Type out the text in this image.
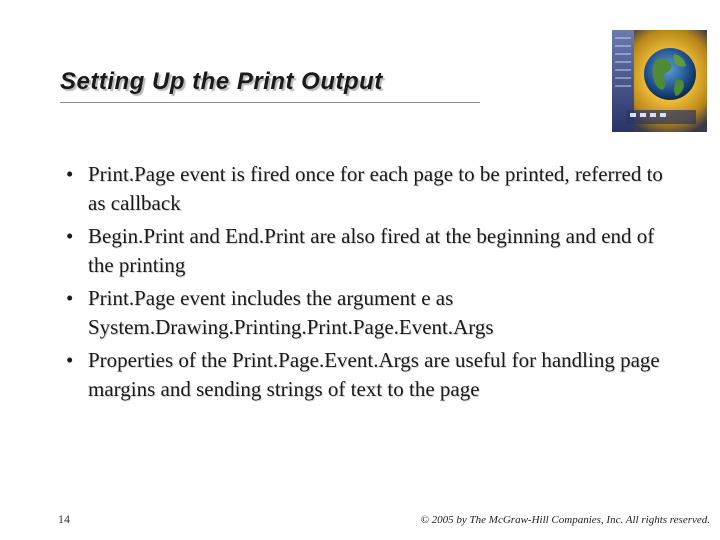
Setting Up the Print Output
• Print.Page event is fired once for each page to be printed, referred to as callback
• Begin.Print and End.Print are also fired at the beginning and end of the printing
• Print.Page event includes the argument e as System.Drawing.Printing.Print.Page.Event.Args
• Properties of the Print.Page.Event.Args are useful for handling page margins and sending strings of text to the page
14	© 2005 by The McGraw-Hill Companies, Inc. All rights reserved.
